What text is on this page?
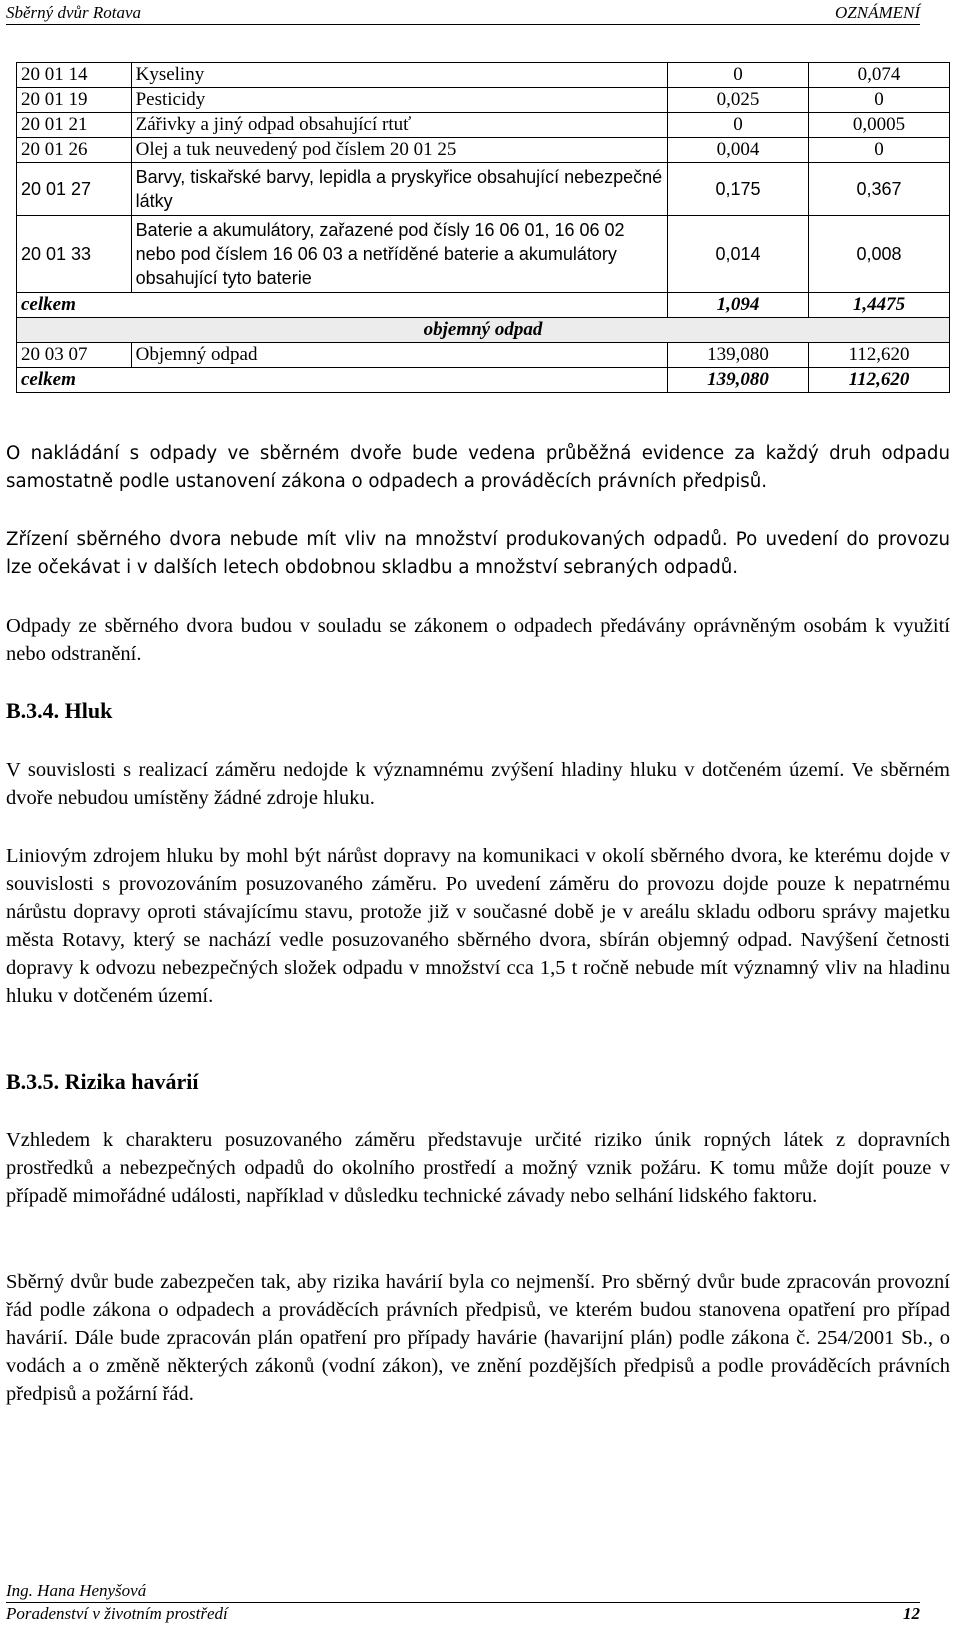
Sběrný dvůr Rotava	OZNÁMENÍ
20 01 14	Kyseliny	0	0,074
20 01 19	Pesticidy	0,025	0
20 01 21	Zářivky a jiný odpad obsahující rtuť	0	0,0005
20 01 26	Olej a tuk neuvedený pod číslem 20 01 25	0,004	0
20 01 27	Barvy, tiskařské barvy, lepidla a pryskyřice obsahující nebezpečné látky	0,175	0,367
20 01 33	Baterie a akumulátory, zařazené pod čísly 16 06 01, 16 06 02 nebo pod číslem 16 06 03 a netříděné baterie a akumulátory obsahující tyto baterie	0,014	0,008
celkem		1,094	1,4475
objemný odpad			
20 03 07	Objemný odpad	139,080	112,620
celkem		139,080	112,620

O nakládání s odpady ve sběrném dvoře bude vedena průběžná evidence za každý druh odpadu samostatně podle ustanovení zákona o odpadech a prováděcích právních předpisů.

Zřízení sběrného dvora nebude mít vliv na množství produkovaných odpadů. Po uvedení do provozu lze očekávat i v dalších letech obdobnou skladbu a množství sebraných odpadů.

Odpady ze sběrného dvora budou v souladu se zákonem o odpadech předávány oprávněným osobám k využití nebo odstranění.

B.3.4. Hluk

V souvislosti s realizací záměru nedojde k významnému zvýšení hladiny hluku v dotčeném území. Ve sběrném dvoře nebudou umístěny žádné zdroje hluku.

Liniovým zdrojem hluku by mohl být nárůst dopravy na komunikaci v okolí sběrného dvora, ke kterému dojde v souvislosti s provozováním posuzovaného záměru. Po uvedení záměru do provozu dojde pouze k nepatrnému nárůstu dopravy oproti stávajícímu stavu, protože již v současné době je v areálu skladu odboru správy majetku města Rotavy, který se nachází vedle posuzovaného sběrného dvora, sbírán objemný odpad. Navýšení četnosti dopravy k odvozu nebezpečných složek odpadu v množství cca 1,5 t ročně nebude mít významný vliv na hladinu hluku v dotčeném území.

B.3.5. Rizika havárií

Vzhledem k charakteru posuzovaného záměru představuje určité riziko únik ropných látek z dopravních prostředků a nebezpečných odpadů do okolního prostředí a možný vznik požáru. K tomu může dojít pouze v případě mimořádné události, například v důsledku technické závady nebo selhání lidského faktoru.

Sběrný dvůr bude zabezpečen tak, aby rizika havárií byla co nejmenší. Pro sběrný dvůr bude zpracován provozní řád podle zákona o odpadech a prováděcích právních předpisů, ve kterém budou stanovena opatření pro případ havárií. Dále bude zpracován plán opatření pro případy havárie (havarijní plán) podle zákona č. 254/2001 Sb., o vodách a o změně některých zákonů (vodní zákon), ve znění pozdějších předpisů a podle prováděcích právních předpisů a požární řád.

Ing. Hana Henyšová
Poradenství v životním prostředí	12
